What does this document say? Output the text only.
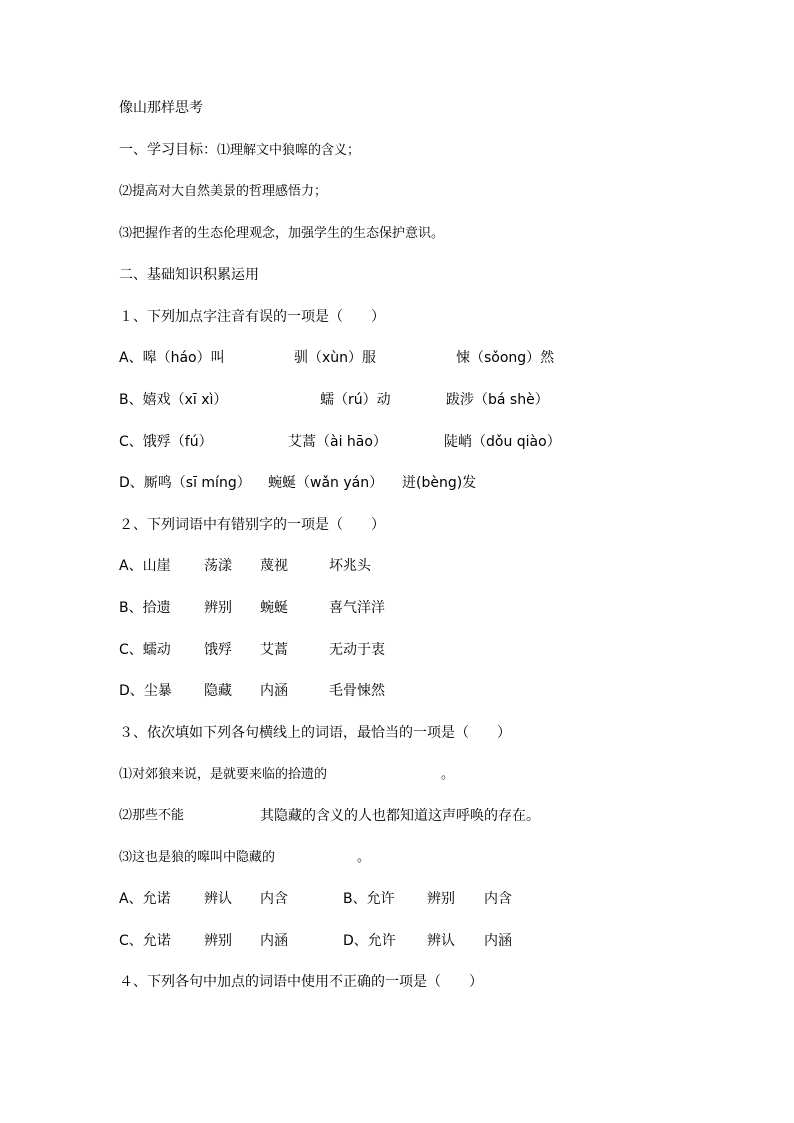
像山那样思考
一、学习目标：⑴理解文中狼嗥的含义；
⑵提高对大自然美景的哲理感悟力；
⑶把握作者的生态伦理观念，加强学生的生态保护意识。
二、基础知识积累运用
１、下列加点字注音有误的一项是（　　）
A、嗥（háo）叫	驯（xùn）服	悚（sǒong）然
B、嬉戏（xī xì）	蠕（rú）动	跋涉（bá shè）
C、饿殍（fú）	艾蒿（ài hāo）	陡峭（dǒu qiào）
D、厮鸣（sī míng） 蜿蜒（wǎn yán） 迸(bèng)发
２、下列词语中有错别字的一项是（　　）
A、山崖 荡漾 蔑视	坏兆头
B、拾遗 辨别 蜿蜒	喜气洋洋
C、蠕动 饿殍 艾蒿	无动于衷
D、尘暴 隐藏 内涵	毛骨悚然
３、依次填如下列各句横线上的词语，最恰当的一项是（　　）
⑴对郊狼来说，是就要来临的拾遗的	。
⑵那些不能	其隐藏的含义的人也都知道这声呼唤的存在。
⑶这也是狼的嗥叫中隐藏的	。
A、允诺 辨认 内含	B、允许 辨别 内含
C、允诺 辨别 内涵	D、允许 辨认 内涵
４、下列各句中加点的词语中使用不正确的一项是（　　）
